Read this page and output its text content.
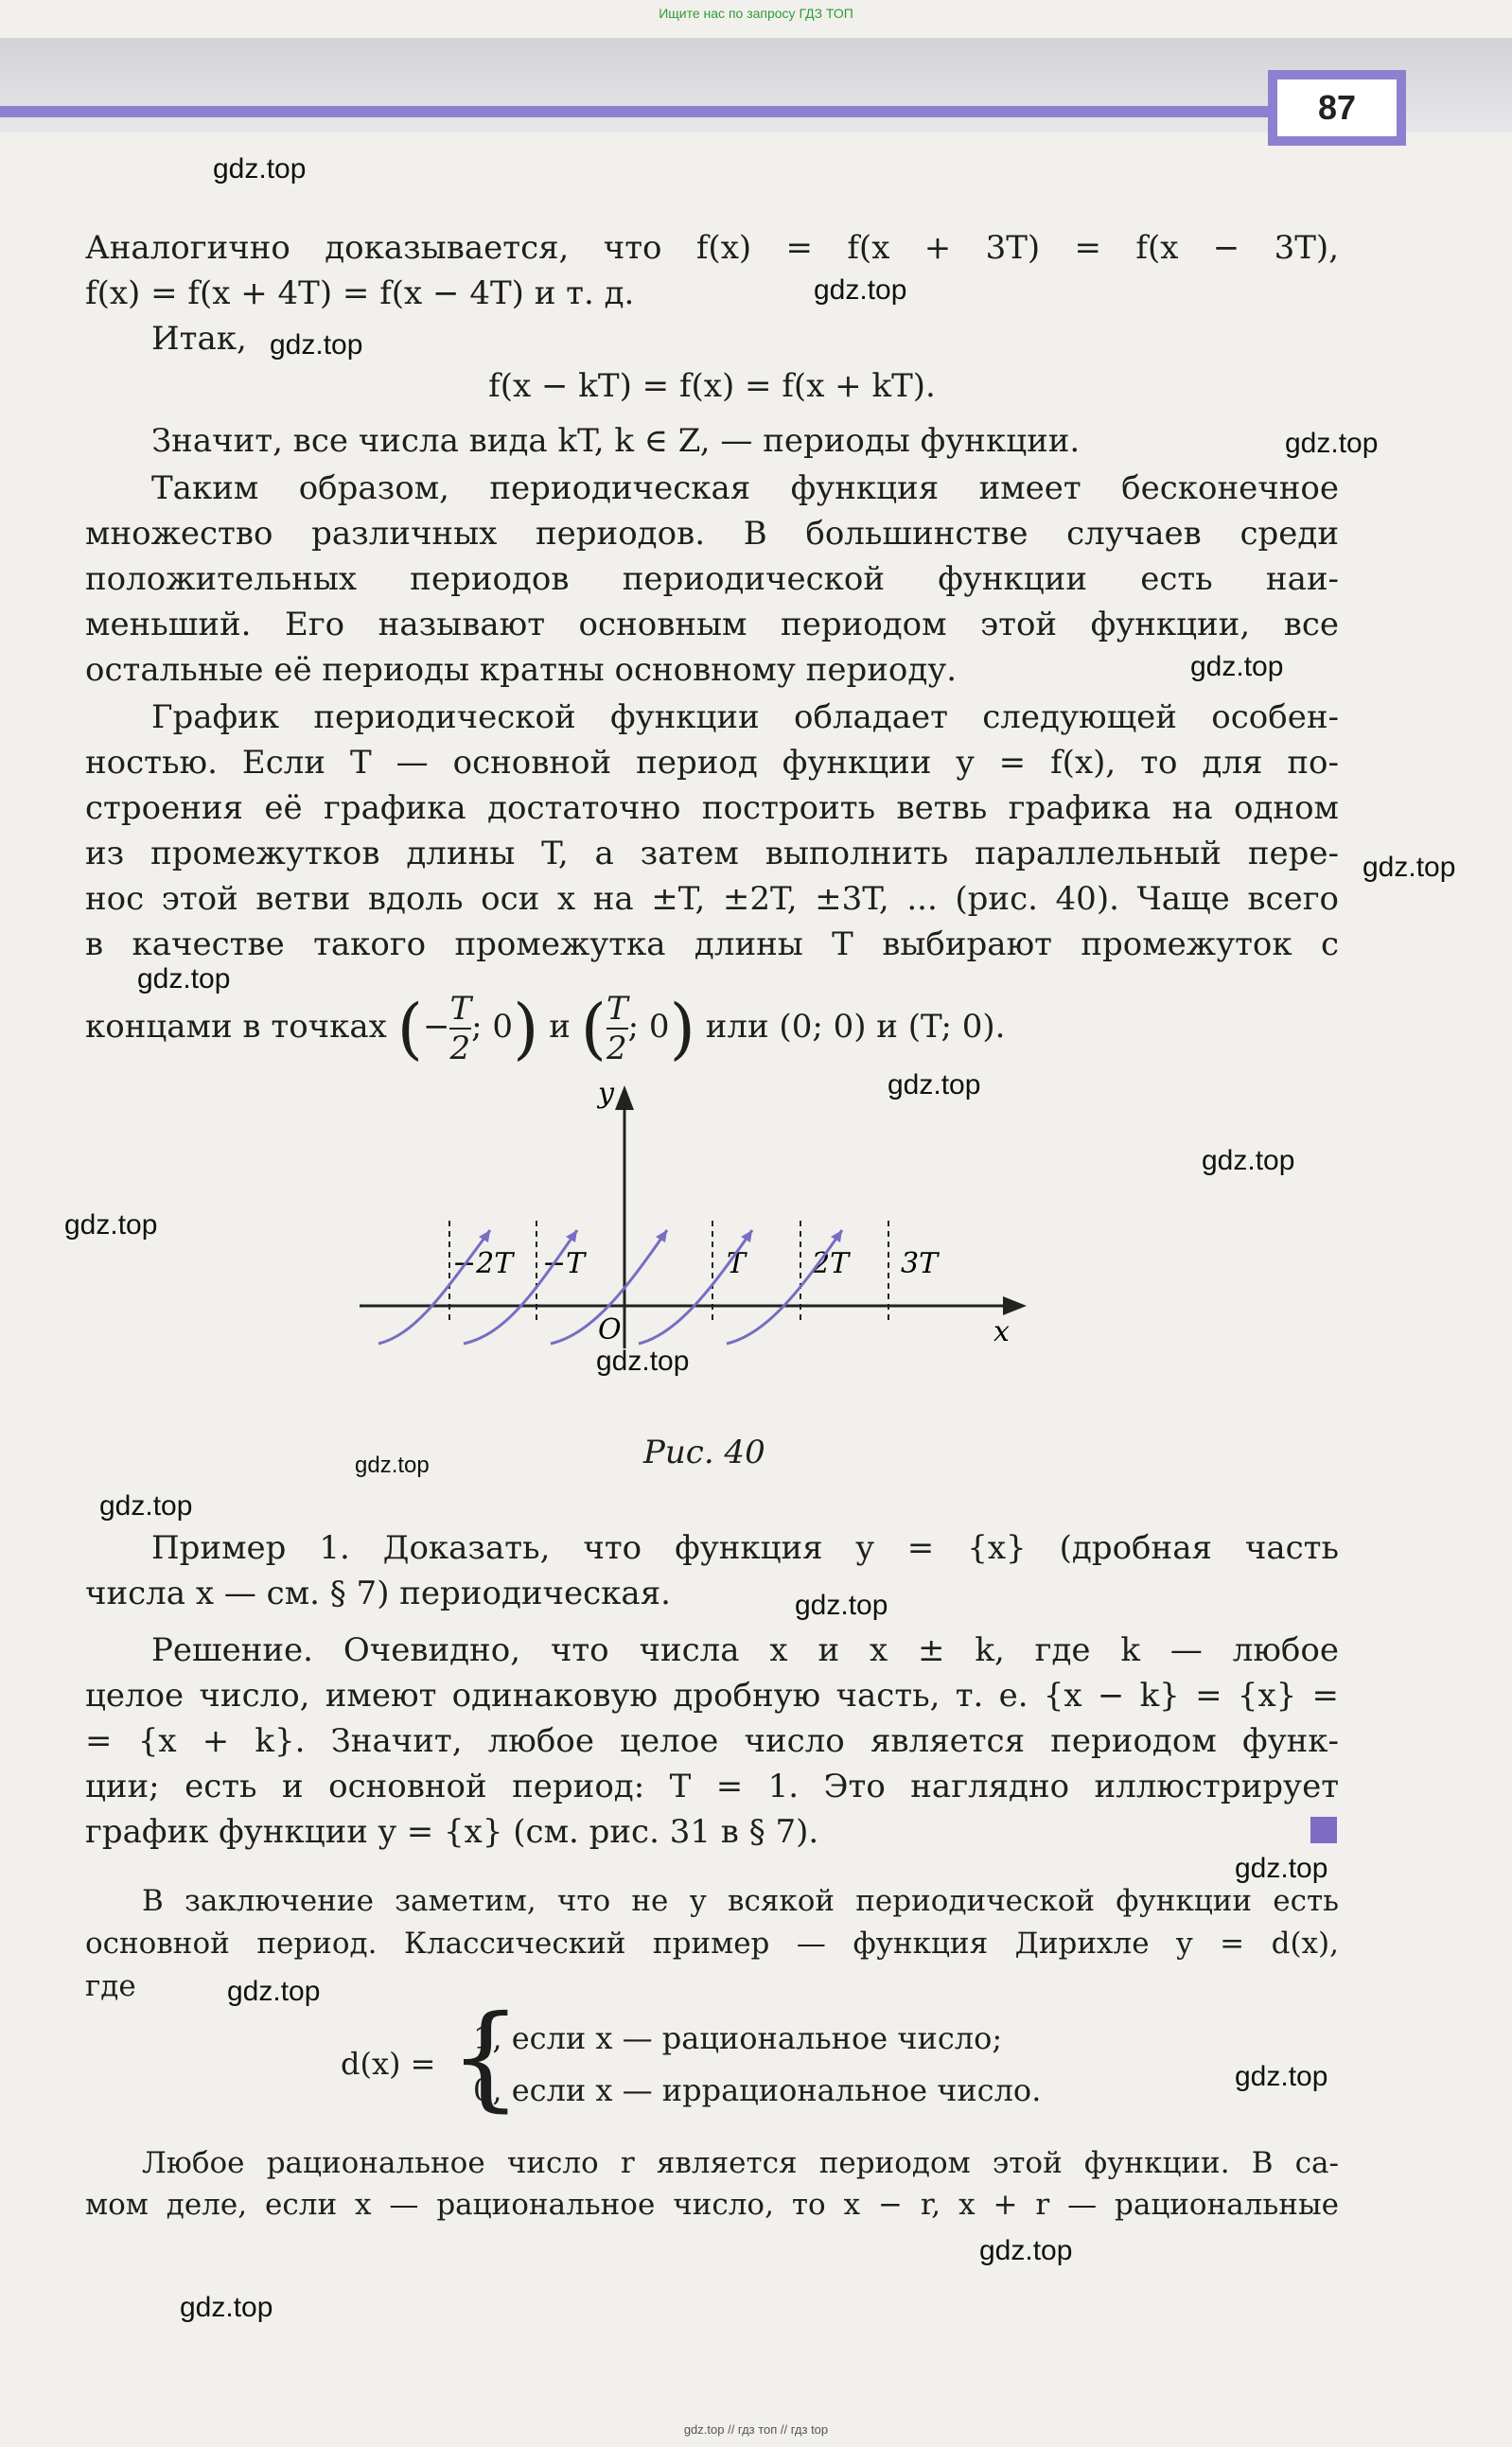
Ищите нас по запросу ГДЗ ТОП
87
Аналогично доказывается, что f(x) = f(x + 3T) = f(x − 3T),
f(x) = f(x + 4T) = f(x − 4T) и т. д.
Итак,
f(x − kT) = f(x) = f(x + kT).
Значит, все числа вида kT, k ∈ Z, — периоды функции.
Таким образом, периодическая функция имеет бесконечное
множество различных периодов. В большинстве случаев среди
положительных периодов периодической функции есть наи-
меньший. Его называют основным периодом этой функции, все
остальные её периоды кратны основному периоду.
График периодической функции обладает следующей особен-
ностью. Если T — основной период функции y = f(x), то для по-
строения её графика достаточно построить ветвь графика на одном
из промежутков длины T, а затем выполнить параллельный пере-
нос этой ветви вдоль оси x на ±T, ±2T, ±3T, ... (рис. 40). Чаще всего
в качестве такого промежутка длины T выбирают промежуток с
концами в точках (− $\frac{T}{2}$ ; 0) и ( $\frac{T}{2}$ ; 0) или (0; 0) и (T; 0).
y
x
O
−2T −T	T 2T 3T
Рис. 40
Пример 1. Доказать, что функция y = {x} (дробная часть
числа x — см. § 7) периодическая.
Решение. Очевидно, что числа x и x ± k, где k — любое
целое число, имеют одинаковую дробную часть, т. е. {x − k} = {x} =
= {x + k}. Значит, любое целое число является периодом функ-
ции; есть и основной период: T = 1. Это наглядно иллюстрирует
график функции y = {x} (см. рис. 31 в § 7).
В заключение заметим, что не у всякой периодической функции есть
основной период. Классический пример — функция Дирихле y = d(x),
где
d(x) = {
1, если x — рациональное число;
0, если x — иррациональное число.
Любое рациональное число r является периодом этой функции. В са-
мом деле, если x — рациональное число, то x − r, x + r — рациональные
gdz.top
gdz.top
gdz.top
gdz.top
gdz.top
gdz.top
gdz.top
gdz.top
gdz.top
gdz.top
gdz.top
gdz.top
gdz.top
gdz.top
gdz.top
gdz.top
gdz.top
gdz.top
gdz.top
gdz.top // гдз топ // гдз top
